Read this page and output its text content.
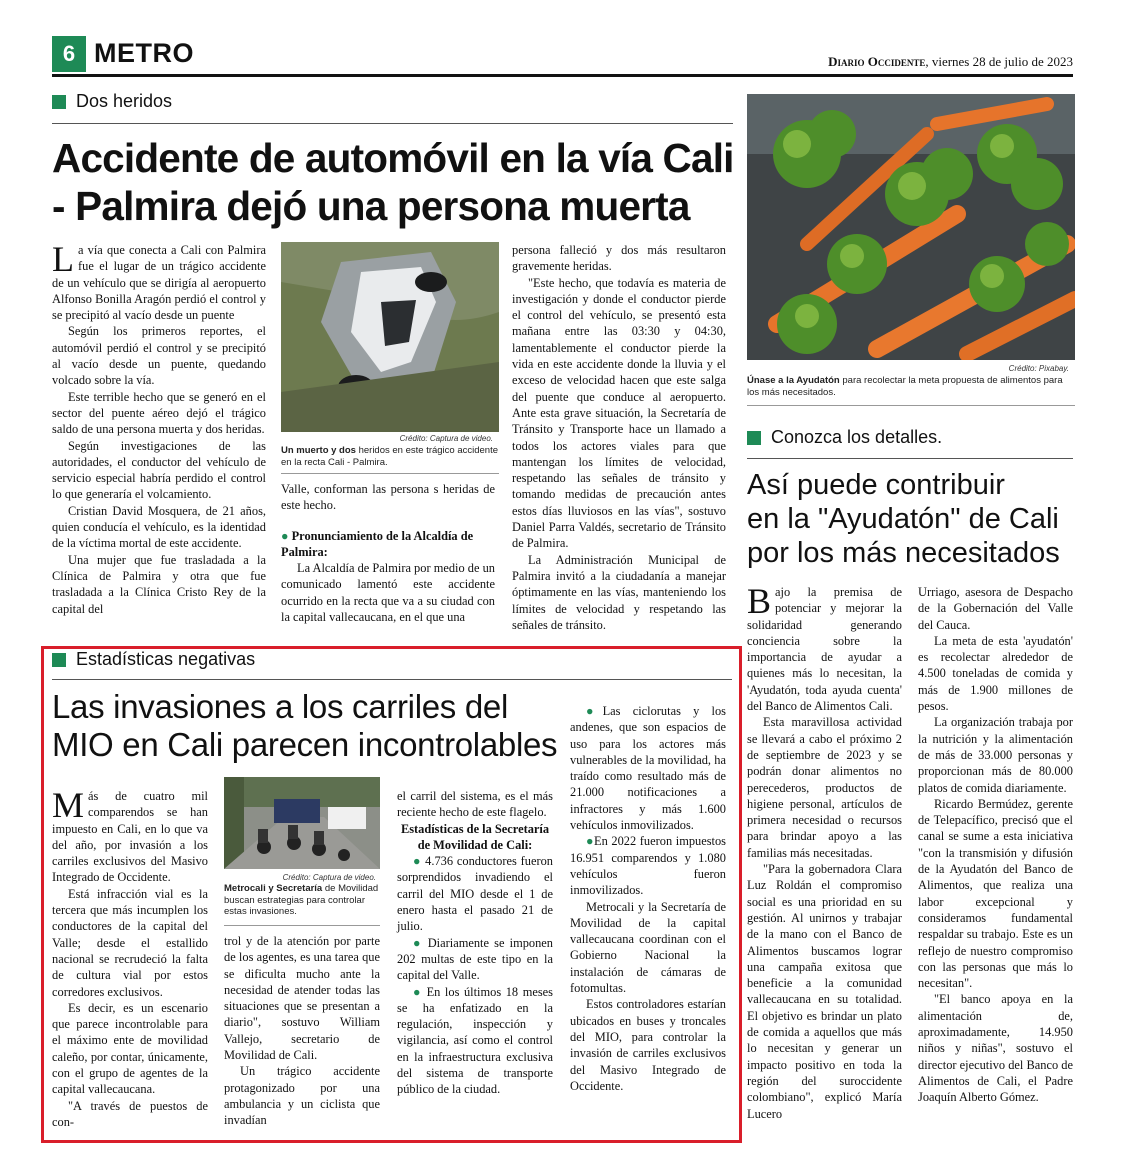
6 METRO	Diario Occidente, viernes 28 de julio de 2023
Dos heridos
Accidente de automóvil en la vía Cali
- Palmira dejó una persona muerta

La vía que conecta a Cali con Palmira fue el lugar de un trágico accidente de un vehículo que se dirigía al aeropuerto Alfonso Bonilla Aragón perdió el control y se precipitó al vacío desde un puente

Según los primeros reportes, el automóvil perdió el control y se precipitó al vacío desde un puente, quedando volcado sobre la vía.

Este terrible hecho que se generó en el sector del puente aéreo dejó el trágico saldo de una persona muerta y dos heridas.

Según investigaciones de las autoridades, el conductor del vehículo de servicio especial habría perdido el control lo que generaría el volcamiento.

Cristian David Mosquera, de 21 años, quien conducía el vehículo, es la identidad de la víctima mortal de este accidente.

Una mujer que fue trasladada a la Clínica de Palmira y otra que fue trasladada a la Clínica Cristo Rey de la capital del

Crédito: Captura de video.
Un muerto y dos heridos en este trágico accidente en la recta Cali - Palmira.

Valle, conforman las persona s heridas de este hecho.

● Pronunciamiento de la Alcaldía de Palmira:

La Alcaldía de Palmira por medio de un comunicado lamentó este accidente ocurrido en la recta que va a su ciudad con la capital vallecaucana, en el que una

persona falleció y dos más resultaron gravemente heridas.

"Este hecho, que todavía es materia de investigación y donde el conductor pierde el control del vehículo, se presentó esta mañana entre las 03:30 y 04:30, lamentablemente el conductor pierde la vida en este accidente donde la lluvia y el exceso de velocidad hacen que este salga del puente que conduce al aeropuerto. Ante esta grave situación, la Secretaría de Tránsito y Transporte hace un llamado a todos los actores viales para que mantengan los límites de velocidad, respetando las señales de tránsito y tomando medidas de precaución antes estos días lluviosos en las vías", sostuvo Daniel Parra Valdés, secretario de Tránsito de Palmira.

La Administración Municipal de Palmira invitó a la ciudadanía a manejar óptimamente en las vías, manteniendo los límites de velocidad y respetando las señales de tránsito.

Crédito: Pixabay.
Únase a la Ayudatón para recolectar la meta propuesta de alimentos para los más necesitados.
Conozca los detalles.
Así puede contribuir
en la "Ayudatón" de Cali
por los más necesitados

Bajo la premisa de potenciar y mejorar la solidaridad generando conciencia sobre la importancia de ayudar a quienes más lo necesitan, la 'Ayudatón, toda ayuda cuenta' del Banco de Alimentos Cali.

Esta maravillosa actividad se llevará a cabo el próximo 2 de septiembre de 2023 y se podrán donar alimentos no perecederos, productos de higiene personal, artículos de primera necesidad o recursos para brindar apoyo a las familias más necesitadas.

"Para la gobernadora Clara Luz Roldán el compromiso social es una prioridad en su gestión. Al unirnos y trabajar de la mano con el Banco de Alimentos buscamos lograr una campaña exitosa que beneficie a la comunidad vallecaucana en su totalidad. El objetivo es brindar un plato de comida a aquellos que más lo necesitan y generar un impacto positivo en toda la región del suroccidente colombiano", explicó María Lucero

Urriago, asesora de Despacho de la Gobernación del Valle del Cauca.

La meta de esta 'ayudatón' es recolectar alrededor de 4.500 toneladas de comida y más de 1.900 millones de pesos.

La organización trabaja por la nutrición y la alimentación de más de 33.000 personas y proporcionan más de 80.000 platos de comida diariamente.

Ricardo Bermúdez, gerente de Telepacífico, precisó que el canal se sume a esta iniciativa "con la transmisión y difusión de la Ayudatón del Banco de Alimentos, que realiza una labor excepcional y consideramos fundamental respaldar su trabajo. Este es un reflejo de nuestro compromiso con las personas que más lo necesitan".

"El banco apoya en la alimentación de, aproximadamente, 14.950 niños y niñas", sostuvo el director ejecutivo del Banco de Alimentos de Cali, el Padre Joaquín Alberto Gómez.

Estadísticas negativas
Las invasiones a los carriles del
MIO en Cali parecen incontrolables

Más de cuatro mil comparendos se han impuesto en Cali, en lo que va del año, por invasión a los carriles exclusivos del Masivo Integrado de Occidente.

Está infracción vial es la tercera que más incumplen los conductores de la capital del Valle; desde el estallido nacional se recrudeció la falta de cultura vial por estos corredores exclusivos.

Es decir, es un escenario que parece incontrolable para el máximo ente de movilidad caleño, por contar, únicamente, con el grupo de agentes de la capital vallecaucana.

"A través de puestos de con-

Crédito: Captura de video.
Metrocali y Secretaría de Movilidad buscan estrategias para controlar estas invasiones.

trol y de la atención por parte de los agentes, es una tarea que se dificulta mucho ante la necesidad de atender todas las situaciones que se presentan a diario", sostuvo William Vallejo, secretario de Movilidad de Cali.

Un trágico accidente protagonizado por una ambulancia y un ciclista que invadían

el carril del sistema, es el más reciente hecho de este flagelo.

Estadísticas de la Secretaría de Movilidad de Cali:

● 4.736 conductores fueron sorprendidos invadiendo el carril del MIO desde el 1 de enero hasta el pasado 21 de julio.

● Diariamente se imponen 202 multas de este tipo en la capital del Valle.

● En los últimos 18 meses se ha enfatizado en la regulación, inspección y vigilancia, así como el control en la infraestructura exclusiva del sistema de transporte público de la ciudad.

●Las ciclorutas y los andenes, que son espacios de uso para los actores más vulnerables de la movilidad, ha traído como resultado más de 21.000 notificaciones a infractores y más 1.600 vehículos inmovilizados.

●En 2022 fueron impuestos 16.951 comparendos y 1.080 vehículos fueron inmovilizados.

Metrocali y la Secretaría de Movilidad de la capital vallecaucana coordinan con el Gobierno Nacional la instalación de cámaras de fotomultas.

Estos controladores estarían ubicados en buses y troncales del MIO, para controlar la invasión de carriles exclusivos del Masivo Integrado de Occidente.
